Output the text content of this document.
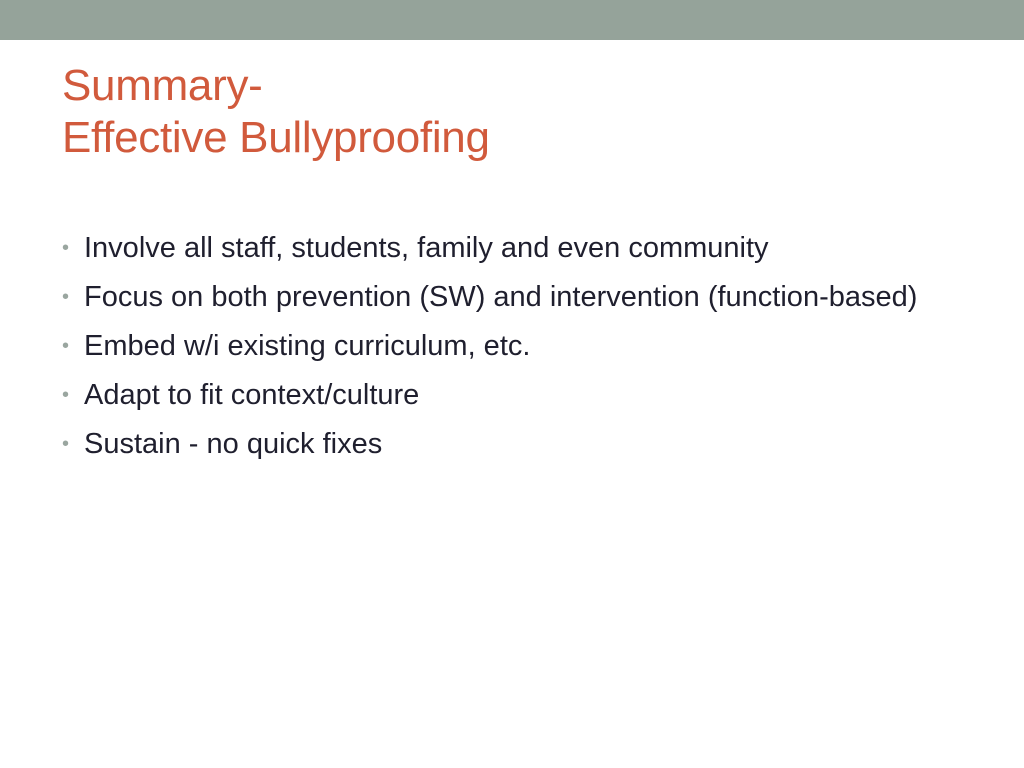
Summary-
Effective Bullyproofing
• Involve all staff, students, family and even community
• Focus on both prevention (SW) and intervention (function-based)
• Embed w/i existing curriculum, etc.
• Adapt to fit context/culture
• Sustain - no quick fixes
